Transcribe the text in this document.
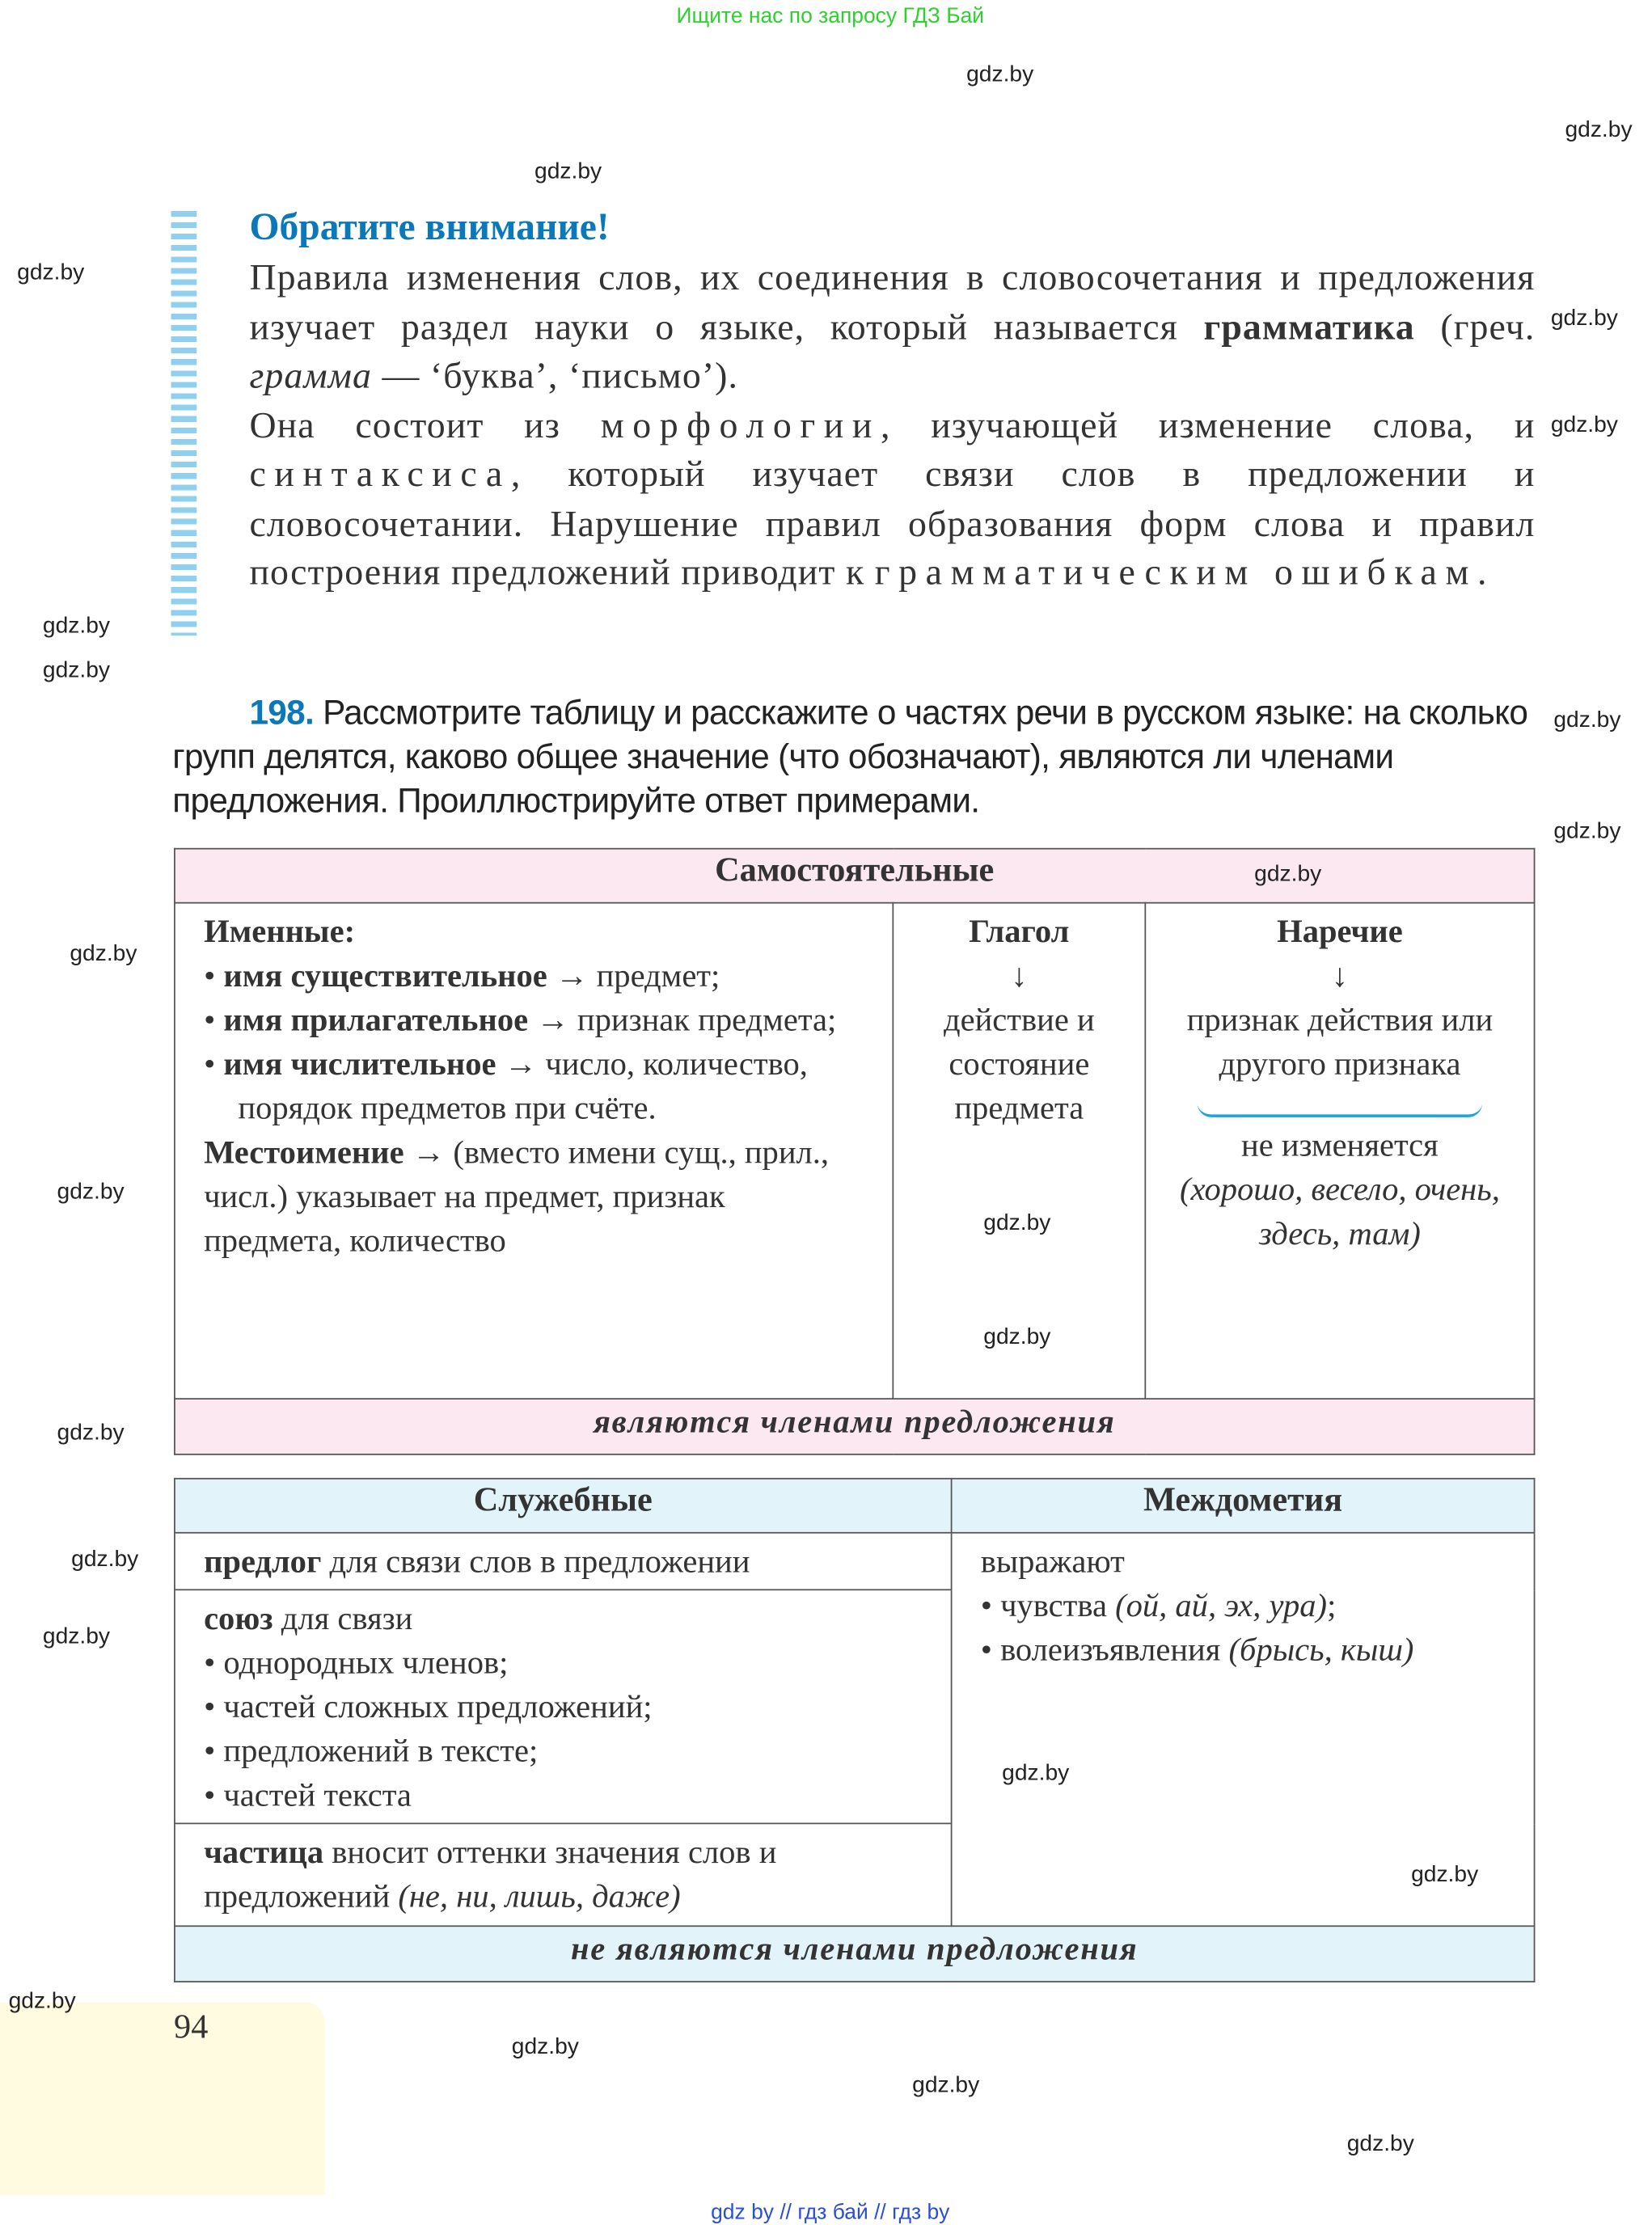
Ищите нас по запросу ГДЗ Бай
Обратите внимание!
Правила изменения слов, их соединения в словосочетания и предложения изучает раздел науки о языке, который называется грамматика (греч. грамма — ‘буква’, ‘письмо’).
Она состоит из морфологии, изучающей изменение слова, и синтаксиса, который изучает связи слов в предложении и словосочетании. Нарушение правил образования форм слова и правил построения предложений приводит к грамматическим ошибкам.
198. Рассмотрите таблицу и расскажите о частях речи в русском языке: на сколько групп делятся, каково общее значение (что обозначают), являются ли членами предложения. Проиллюстрируйте ответ примерами.
Самостоятельные

Именные:
• имя существительное → предмет;
• имя прилагательное → признак предмета;
• имя числительное → число, количество, порядок предметов при счёте.
Местоимение → (вместо имени сущ., прил., числ.) указывает на предмет, признак предмета, количество

Глагол
↓
действие и состояние предмета

Наречие
↓
признак действия или другого признака
не изменяется
(хорошо, весело, очень, здесь, там)

являются членами предложения
Служебные	Междометия

предлог для связи слов в предложении	выражают
• чувства (ой, ай, эх, ура);
• волеизъявления (брысь, кыш)

союз для связи
• однородных членов;
• частей сложных предложений;
• предложений в тексте;
• частей текста	

частица вносит оттенки значения слов и предложений (не, ни, лишь, даже)	

не являются членами предложения	
94
gdz by // гдз бай // гдз by
gdz.by
gdz.by
gdz.by
gdz.by
gdz.by
gdz.by
gdz.by
gdz.by
gdz.by
gdz.by
gdz.by
gdz.by
gdz.by
gdz.by
gdz.by
gdz.by
gdz.by
gdz.by
gdz.by
gdz.by
gdz.by
gdz.by
gdz.by
gdz.by
